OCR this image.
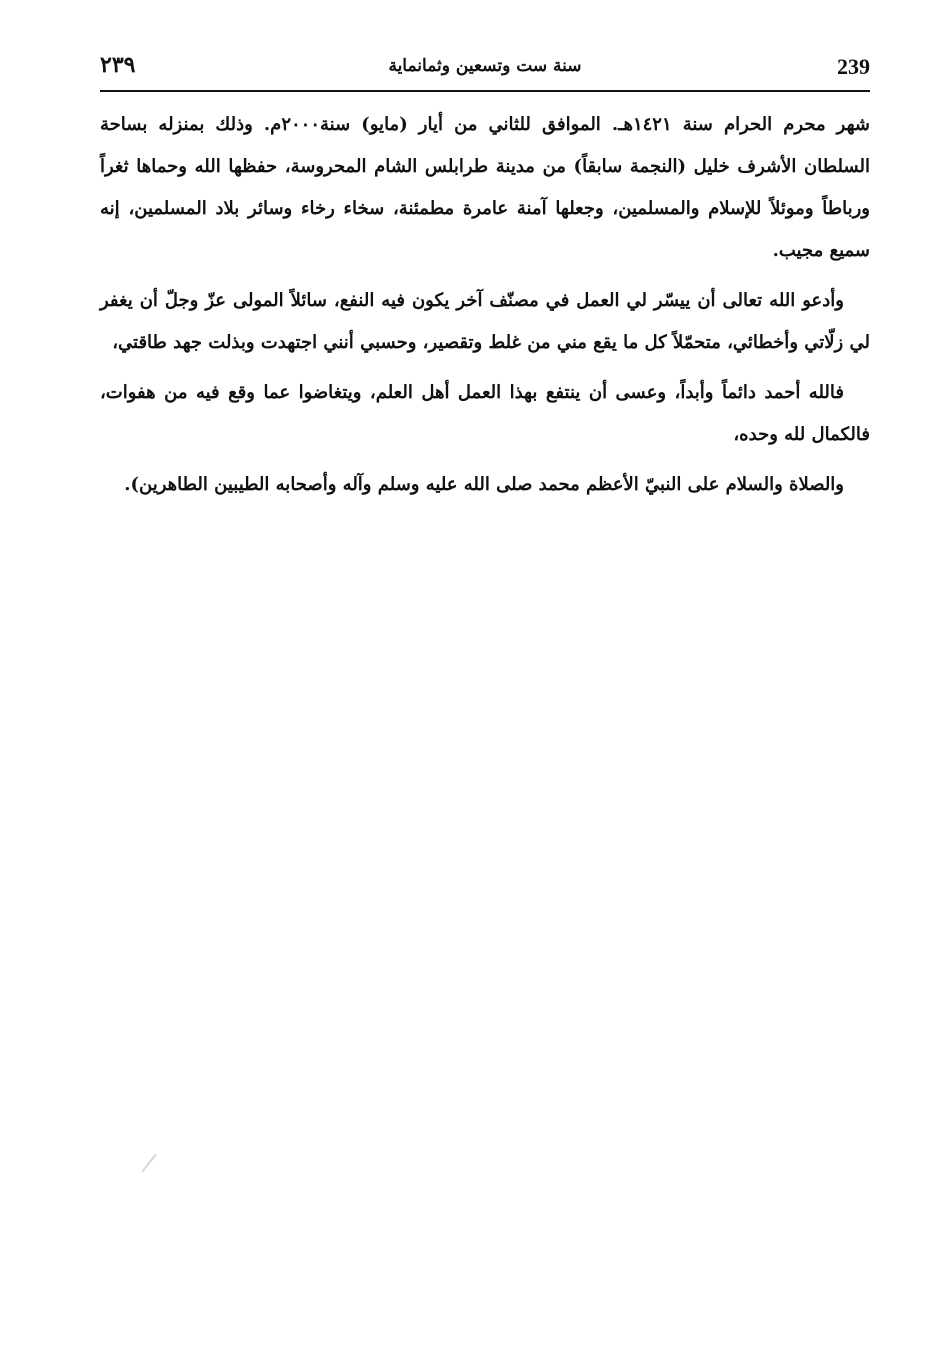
239
سنة ست وتسعين وثمانماية
٢٣٩

شهر محرم الحرام سنة ١٤٢١هـ. الموافق للثاني من أيار (مايو) سنة٢٠٠٠م. وذلك بمنزله بساحة السلطان الأشرف خليل (النجمة سابقاً) من مدينة طرابلس الشام المحروسة، حفظها الله وحماها ثغراً ورباطاً وموئلاً للإسلام والمسلمين، وجعلها آمنة عامرة مطمئنة، سخاء رخاء وسائر بلاد المسلمين، إنه سميع مجيب.

وأدعو الله تعالى أن ييسّر لي العمل في مصنّف آخر يكون فيه النفع، سائلاً المولى عزّ وجلّ أن يغفر لي زلّاتي وأخطائي، متحمّلاً كل ما يقع مني من غلط وتقصير، وحسبي أنني اجتهدت وبذلت جهد طاقتي،

فالله أحمد دائماً وأبداً، وعسى أن ينتفع بهذا العمل أهل العلم، ويتغاضوا عما وقع فيه من هفوات، فالكمال لله وحده،

والصلاة والسلام على النبيّ الأعظم محمد صلى الله عليه وسلم وآله وأصحابه الطيبين الطاهرين).
